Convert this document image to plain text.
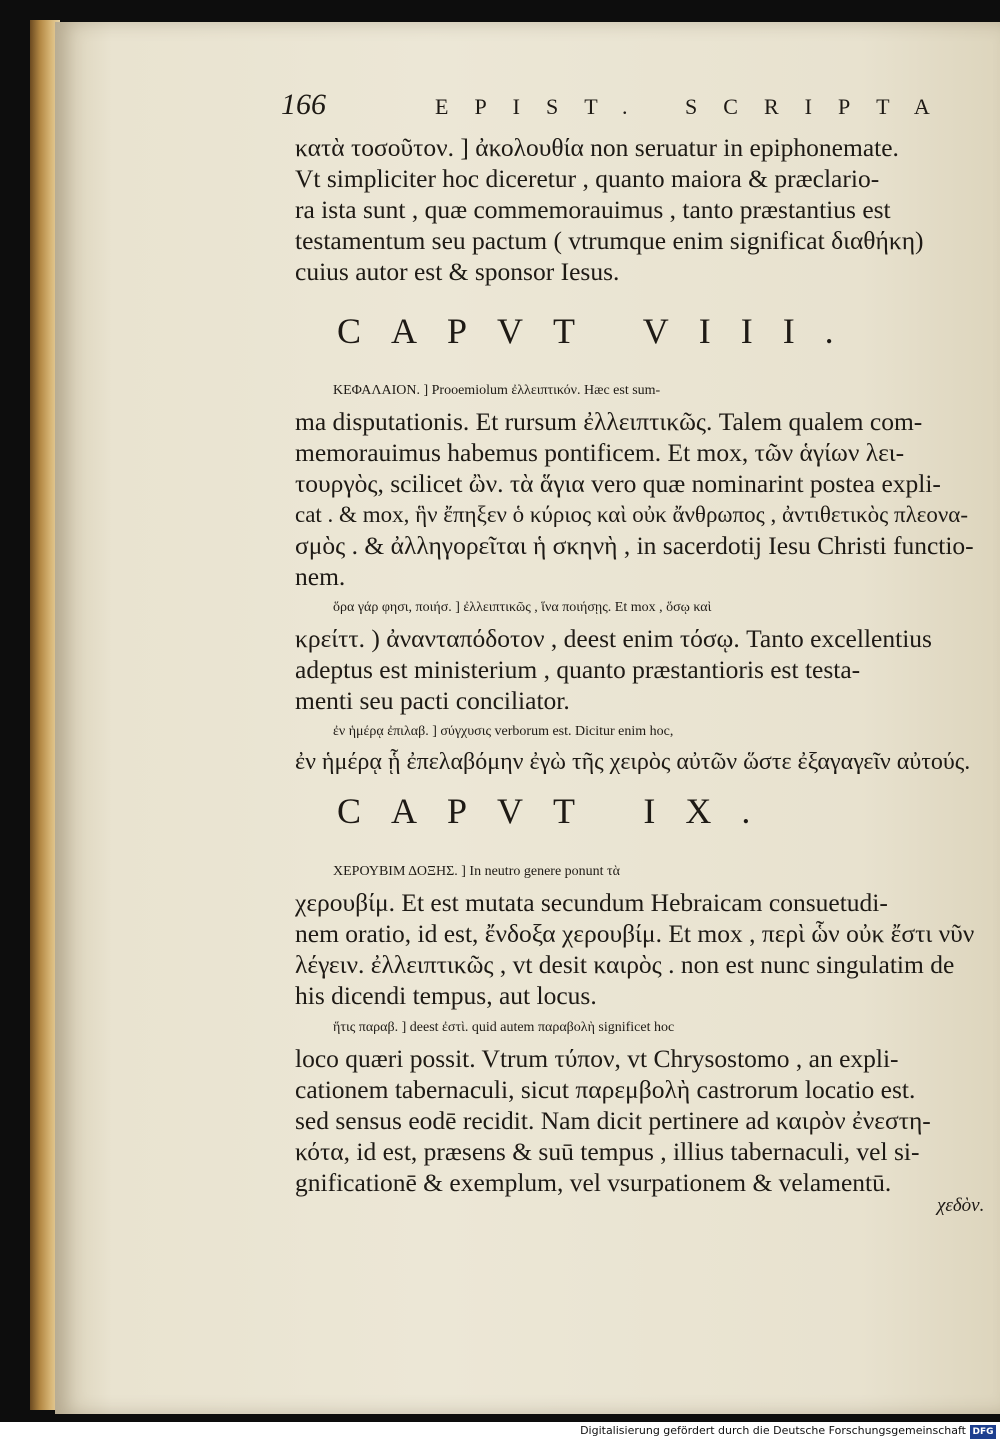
166	EPIST. SCRIPTA
κατὰ τοσοῦτον. ] ἀκολουθία non seruatur in epiphonemate.
Vt simpliciter hoc diceretur , quanto maiora & præclario-
ra ista sunt , quæ commemorauimus , tanto præstantius est
testamentum seu pactum ( vtrumque enim significat διαθήκη)
cuius autor est & sponsor Iesus.
CAPVT VIII.
ΚΕΦΑΛΑΙΟΝ. ] Prooemiolum ἐλλειπτικόν. Hæc est sum-
ma disputationis. Et rursum ἐλλειπτικῶς. Talem qualem com-
memorauimus habemus pontificem. Et mox, τῶν ἁγίων λει-
τουργὸς, scilicet ὢν. τὰ ἅγια vero quæ nominarint postea expli-
cat . & mox, ἣν ἔπηξεν ὁ κύριος καὶ οὐκ ἄνθρωπος , ἀντιθετικὸς πλεονα-
σμὸς . & ἀλληγορεῖται ἡ σκηνὴ , in sacerdotij Iesu Christi functio-
nem.
ὅρα γάρ φησι, ποιήσ. ] ἐλλειπτικῶς , ἵνα ποιήσῃς. Et mox , ὅσῳ καὶ
κρείττ. ) ἀνανταπόδοτον , deest enim τόσῳ. Tanto excellentius
adeptus est ministerium , quanto præstantioris est testa-
menti seu pacti conciliator.
ἐν ἡμέρᾳ ἐπιλαβ. ] σύγχυσις verborum est. Dicitur enim hoc,
ἐν ἡμέρᾳ ᾗ ἐπελαβόμην ἐγὼ τῆς χειρὸς αὐτῶν ὥστε ἐξαγαγεῖν αὐτούς.
CAPVT IX.
ΧΕΡΟΥΒΙΜ ΔΟΞΗΣ. ] In neutro genere ponunt τὰ
χερουβίμ. Et est mutata secundum Hebraicam consuetudi-
nem oratio, id est, ἔνδοξα χερουβίμ. Et mox , περὶ ὧν οὐκ ἔστι νῦν
λέγειν. ἐλλειπτικῶς , vt desit καιρὸς . non est nunc singulatim de
his dicendi tempus, aut locus.
ἥτις παραβ. ] deest ἐστὶ. quid autem παραβολὴ significet hoc
loco quæri possit. Vtrum τύπον, vt Chrysostomo , an expli-
cationem tabernaculi, sicut παρεμβολὴ castrorum locatio est.
sed sensus eodē recidit. Nam dicit pertinere ad καιρὸν ἐνεστη-
κότα, id est, præsens & suū tempus , illius tabernaculi, vel si-
gnificationē & exemplum, vel vsurpationem & velamentū.
χεδὸν.
Digitalisierung gefördert durch die Deutsche Forschungsgemeinschaft DFG
